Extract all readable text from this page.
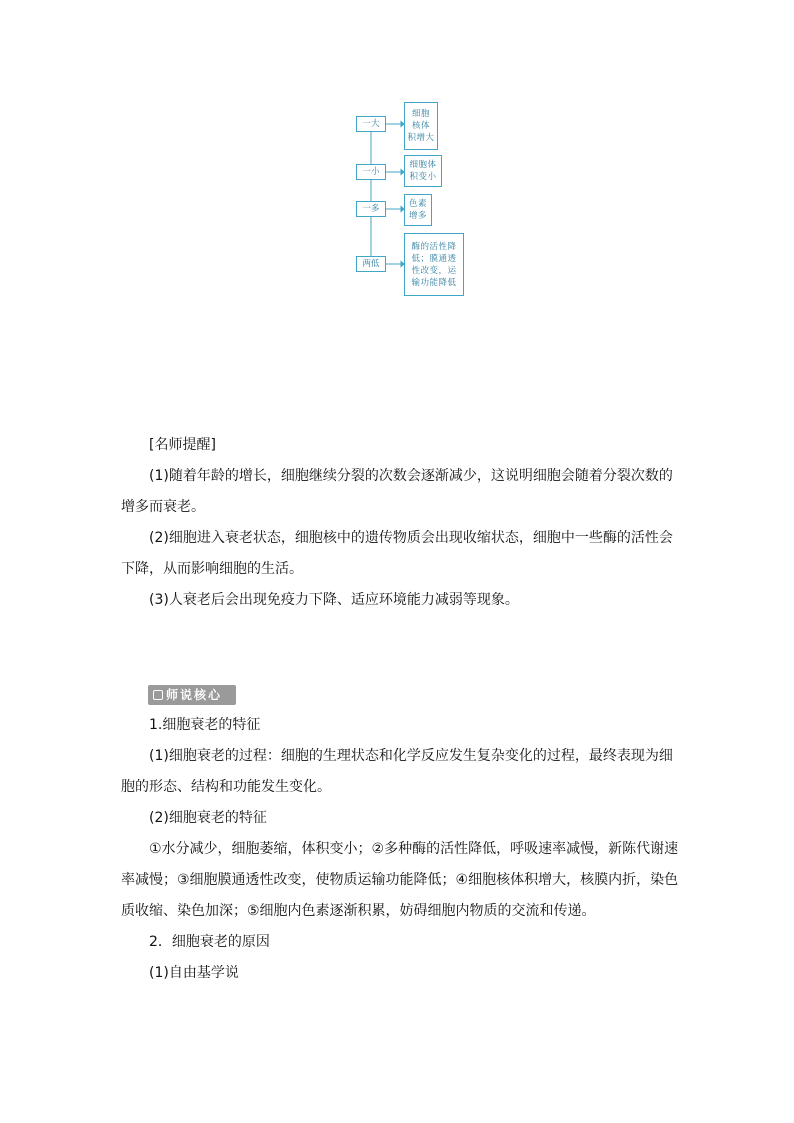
一大
细胞
核体
积增大
一小
细胞体
积变小
一多	色素
增多
两低
酶的活性降
低；膜通透
性改变，运
输功能降低

[名师提醒]

(1)随着年龄的增长，细胞继续分裂的次数会逐渐减少，这说明细胞会随着分裂次数的增多而衰老。

(2)细胞进入衰老状态，细胞核中的遗传物质会出现收缩状态，细胞中一些酶的活性会下降，从而影响细胞的生活。

(3)人衰老后会出现免疫力下降、适应环境能力减弱等现象。

师说核心

1.细胞衰老的特征

(1)细胞衰老的过程：细胞的生理状态和化学反应发生复杂变化的过程，最终表现为细胞的形态、结构和功能发生变化。

(2)细胞衰老的特征

①水分减少，细胞萎缩，体积变小；②多种酶的活性降低，呼吸速率减慢，新陈代谢速率减慢；③细胞膜通透性改变，使物质运输功能降低；④细胞核体积增大，核膜内折，染色质收缩、染色加深；⑤细胞内色素逐渐积累，妨碍细胞内物质的交流和传递。

2．细胞衰老的原因

(1)自由基学说
